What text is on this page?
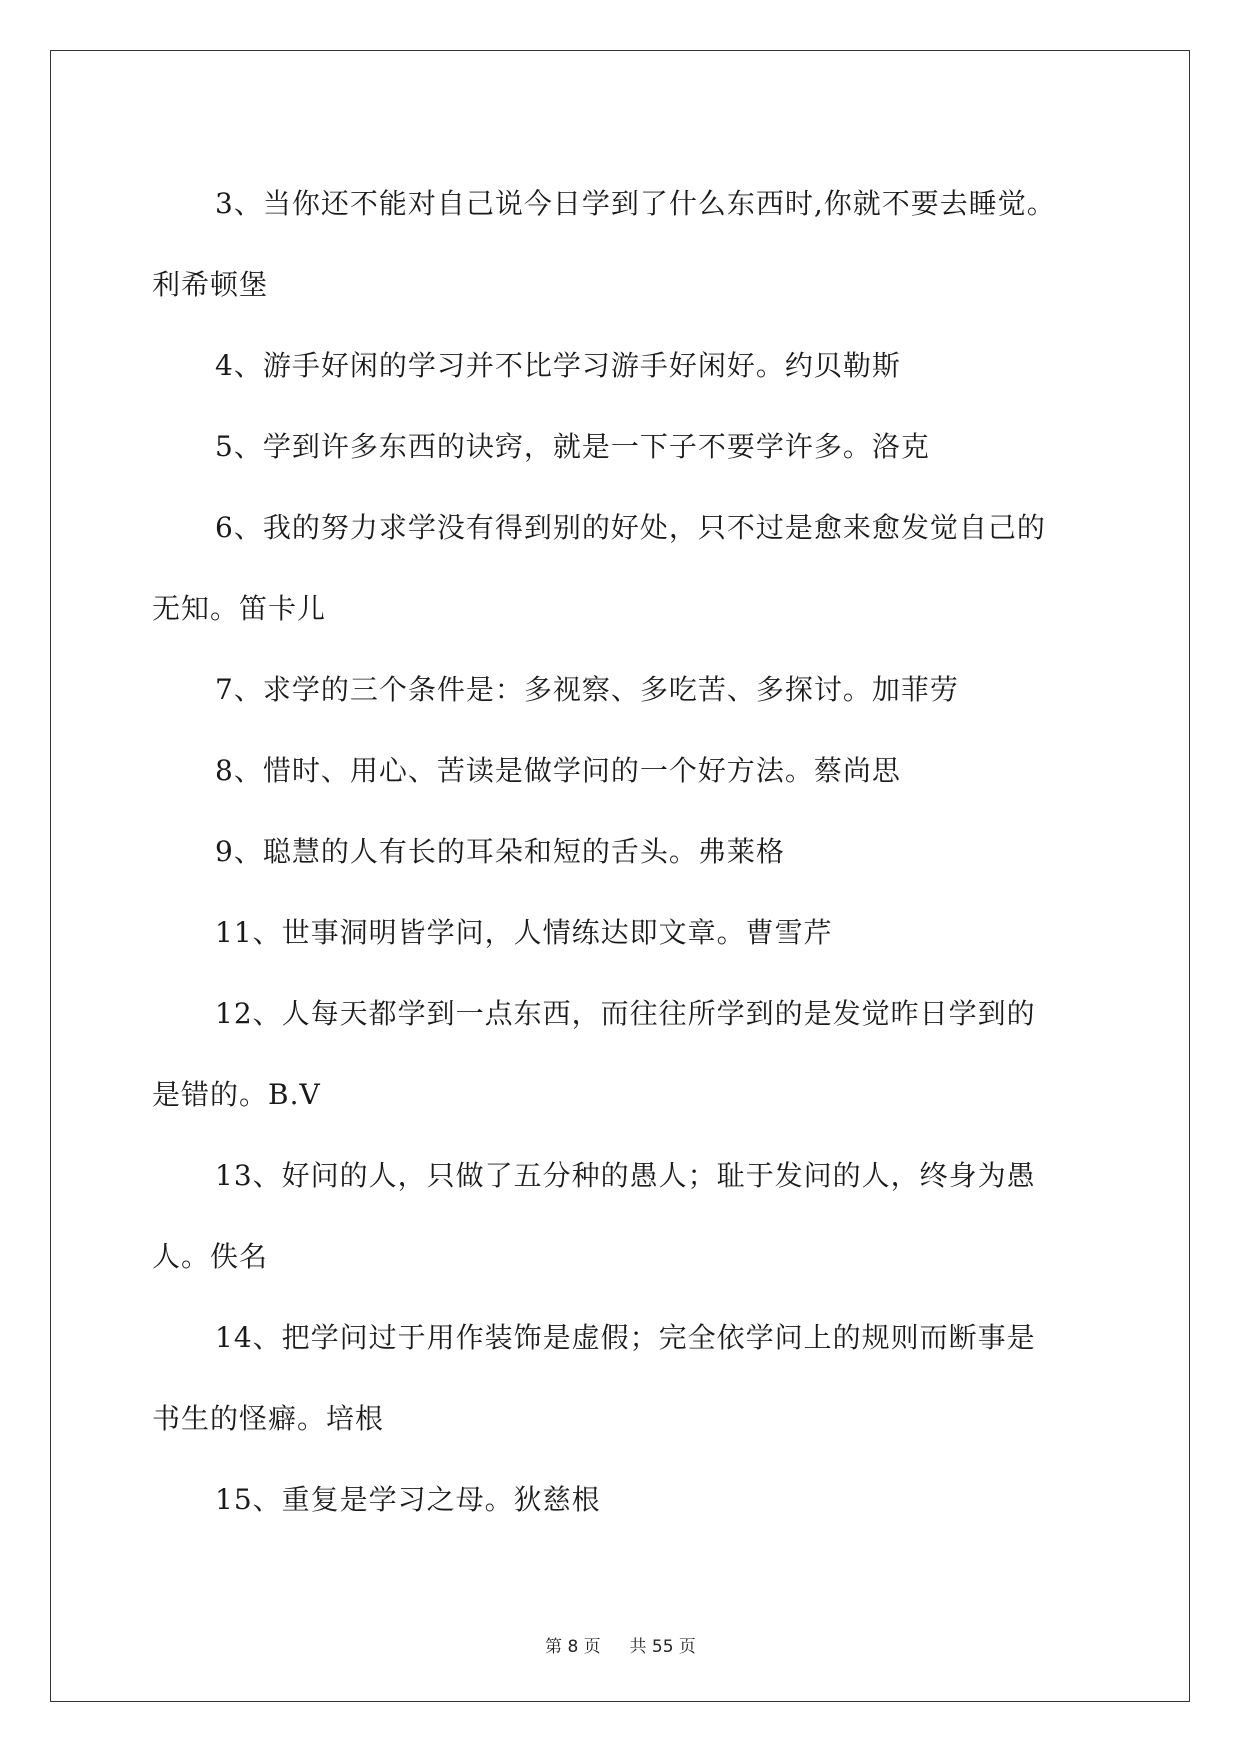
3、当你还不能对自己说今日学到了什么东西时,你就不要去睡觉。
利希顿堡

4、游手好闲的学习并不比学习游手好闲好。约贝勒斯

5、学到许多东西的诀窍，就是一下子不要学许多。洛克

6、我的努力求学没有得到别的好处，只不过是愈来愈发觉自己的
无知。笛卡儿

7、求学的三个条件是：多视察、多吃苦、多探讨。加菲劳

8、惜时、用心、苦读是做学问的一个好方法。蔡尚思

9、聪慧的人有长的耳朵和短的舌头。弗莱格

11、世事洞明皆学问，人情练达即文章。曹雪芹

12、人每天都学到一点东西，而往往所学到的是发觉昨日学到的
是错的。B.V

13、好问的人，只做了五分种的愚人；耻于发问的人，终身为愚
人。佚名

14、把学问过于用作装饰是虚假；完全依学问上的规则而断事是
书生的怪癖。培根

15、重复是学习之母。狄慈根

第 8 页 共 55 页
